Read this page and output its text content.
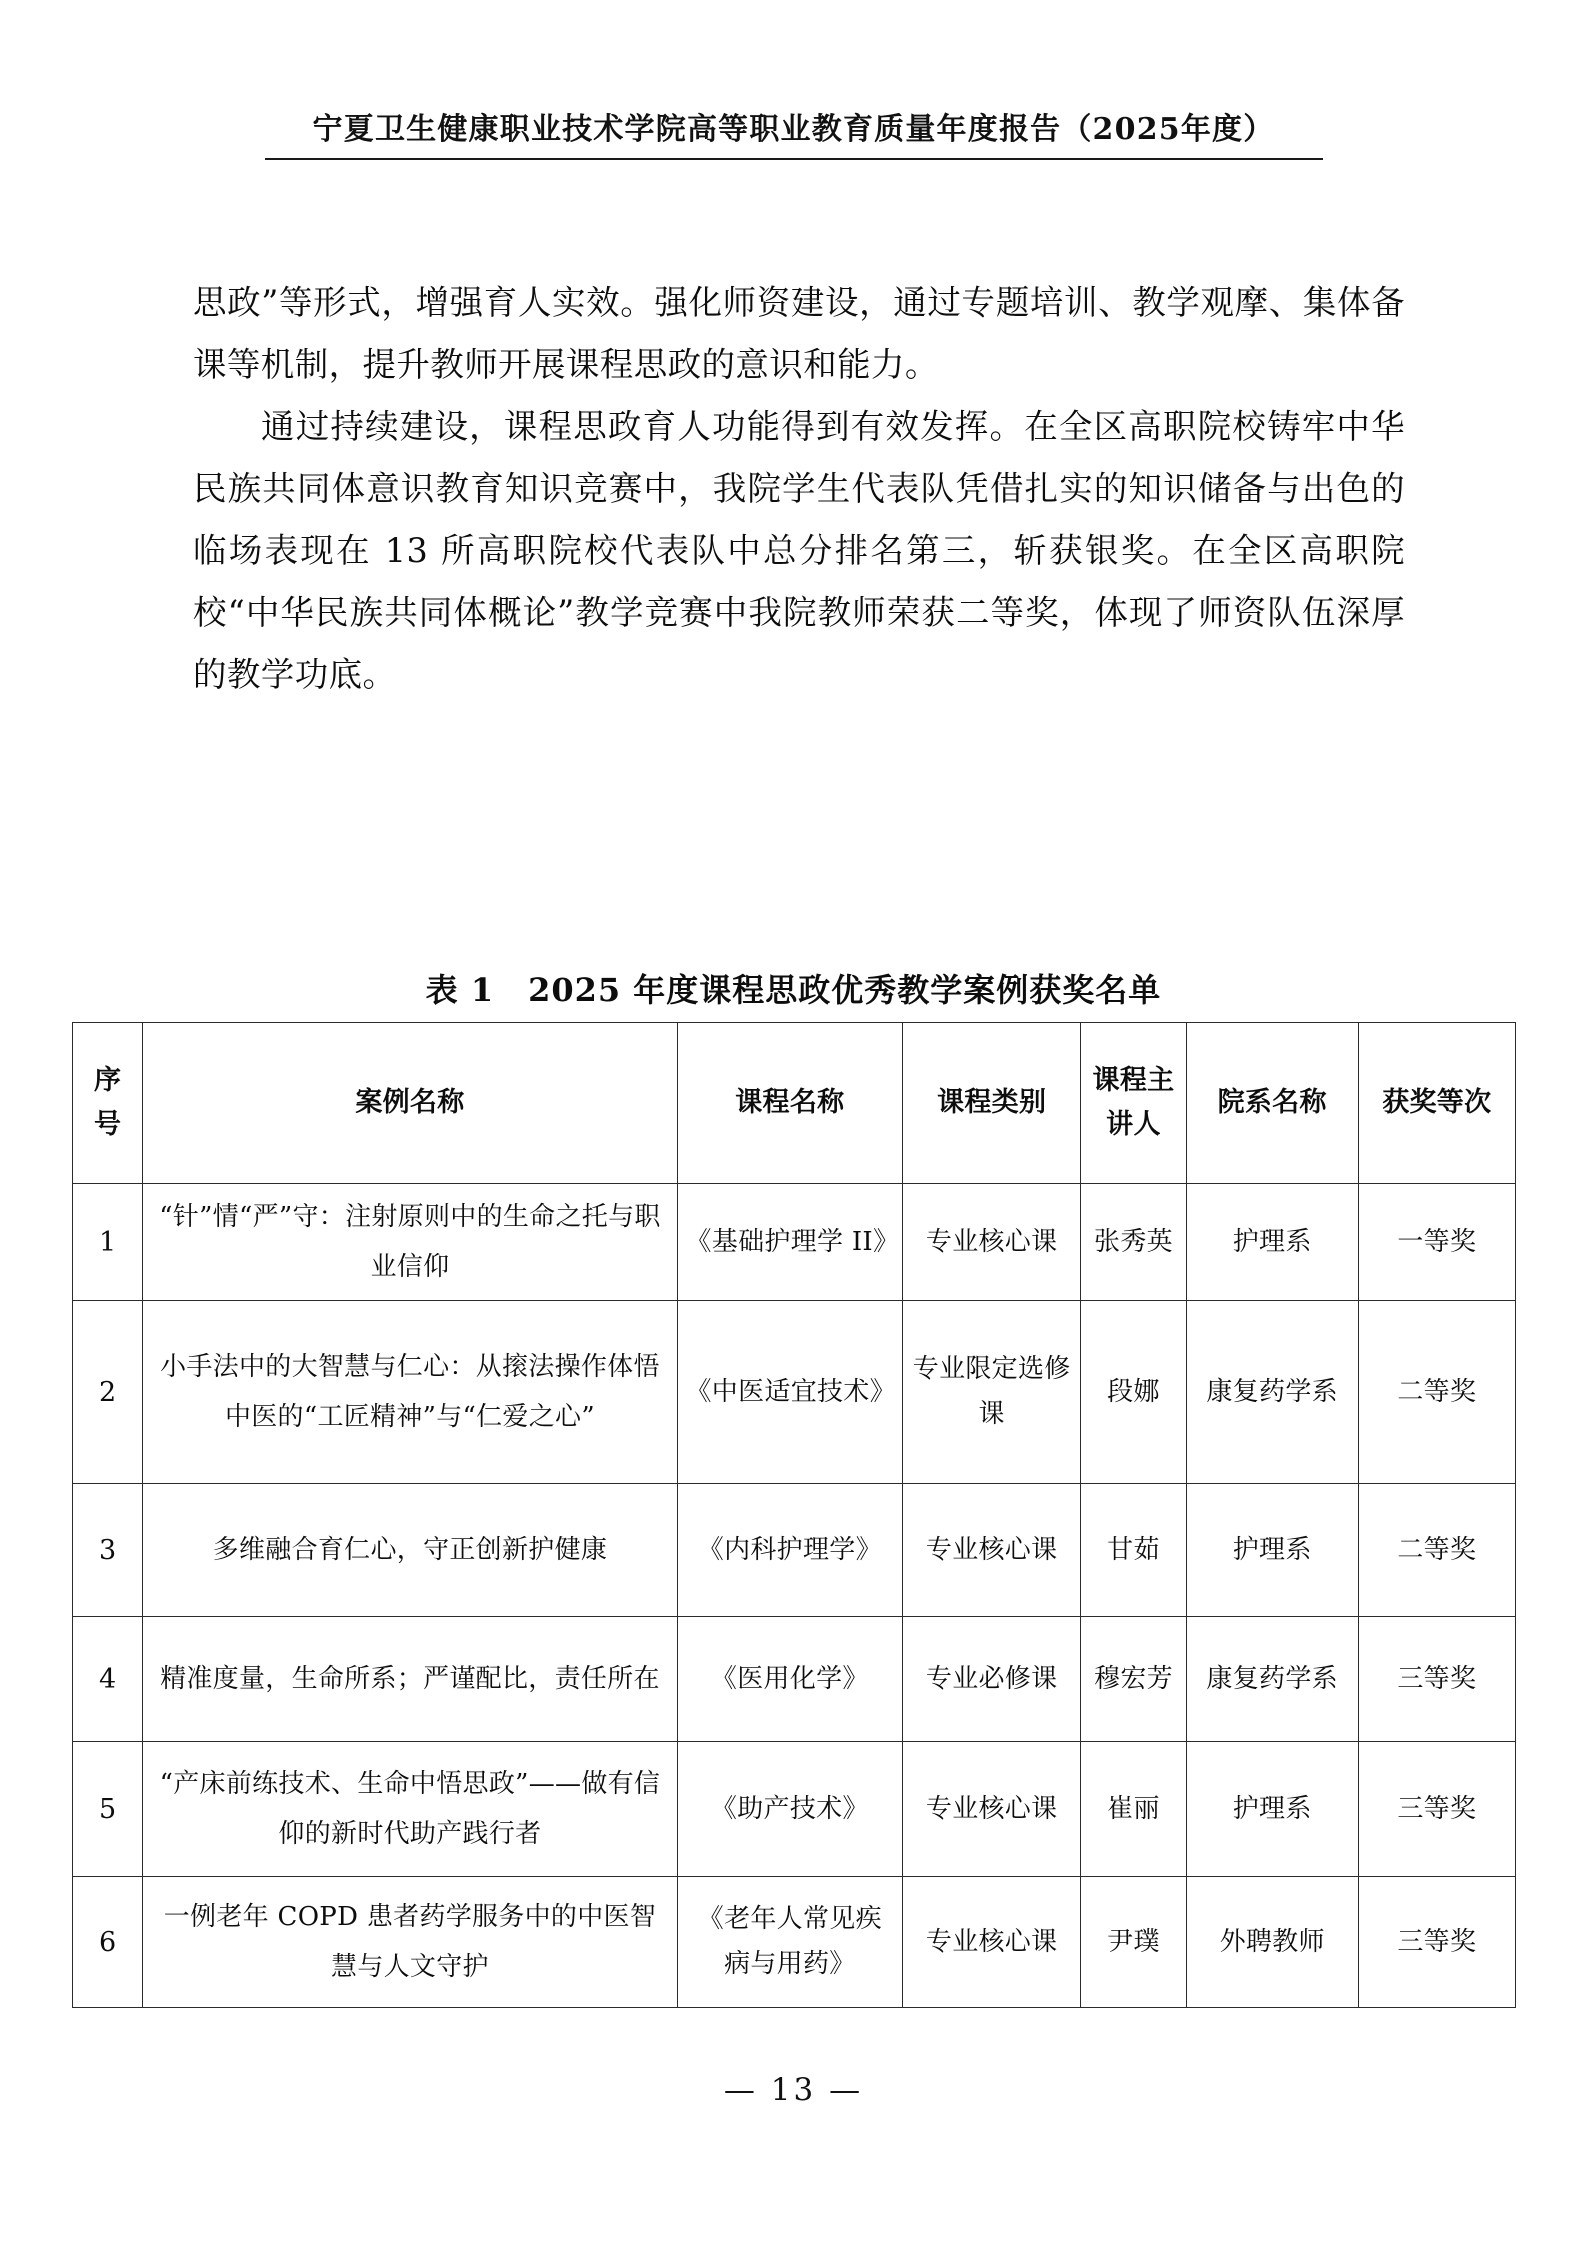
宁夏卫生健康职业技术学院高等职业教育质量年度报告（2025年度）

思政”等形式，增强育人实效。强化师资建设，通过专题培训、教学观摩、集体备课等机制，提升教师开展课程思政的意识和能力。

通过持续建设，课程思政育人功能得到有效发挥。在全区高职院校铸牢中华民族共同体意识教育知识竞赛中，我院学生代表队凭借扎实的知识储备与出色的临场表现在 13 所高职院校代表队中总分排名第三，斩获银奖。在全区高职院校“中华民族共同体概论”教学竞赛中我院教师荣获二等奖，体现了师资队伍深厚的教学功底。

表 1 2025 年度课程思政优秀教学案例获奖名单
序号	案例名称	课程名称	课程类别	课程主讲人	院系名称	获奖等次
1	“针”情“严”守：注射原则中的生命之托与职业信仰	《基础护理学 II》	专业核心课	张秀英	护理系	一等奖
2	小手法中的大智慧与仁心：从㨰法操作体悟中医的“工匠精神”与“仁爱之心”	《中医适宜技术》	专业限定选修课	段娜	康复药学系	二等奖
3	多维融合育仁心，守正创新护健康	《内科护理学》	专业核心课	甘茹	护理系	二等奖
4	精准度量，生命所系；严谨配比，责任所在	《医用化学》	专业必修课	穆宏芳	康复药学系	三等奖
5	“产床前练技术、生命中悟思政”——做有信仰的新时代助产践行者	《助产技术》	专业核心课	崔丽	护理系	三等奖
6	一例老年 COPD 患者药学服务中的中医智慧与人文守护	《老年人常见疾病与用药》	专业核心课	尹璞	外聘教师	三等奖
— 13 —
